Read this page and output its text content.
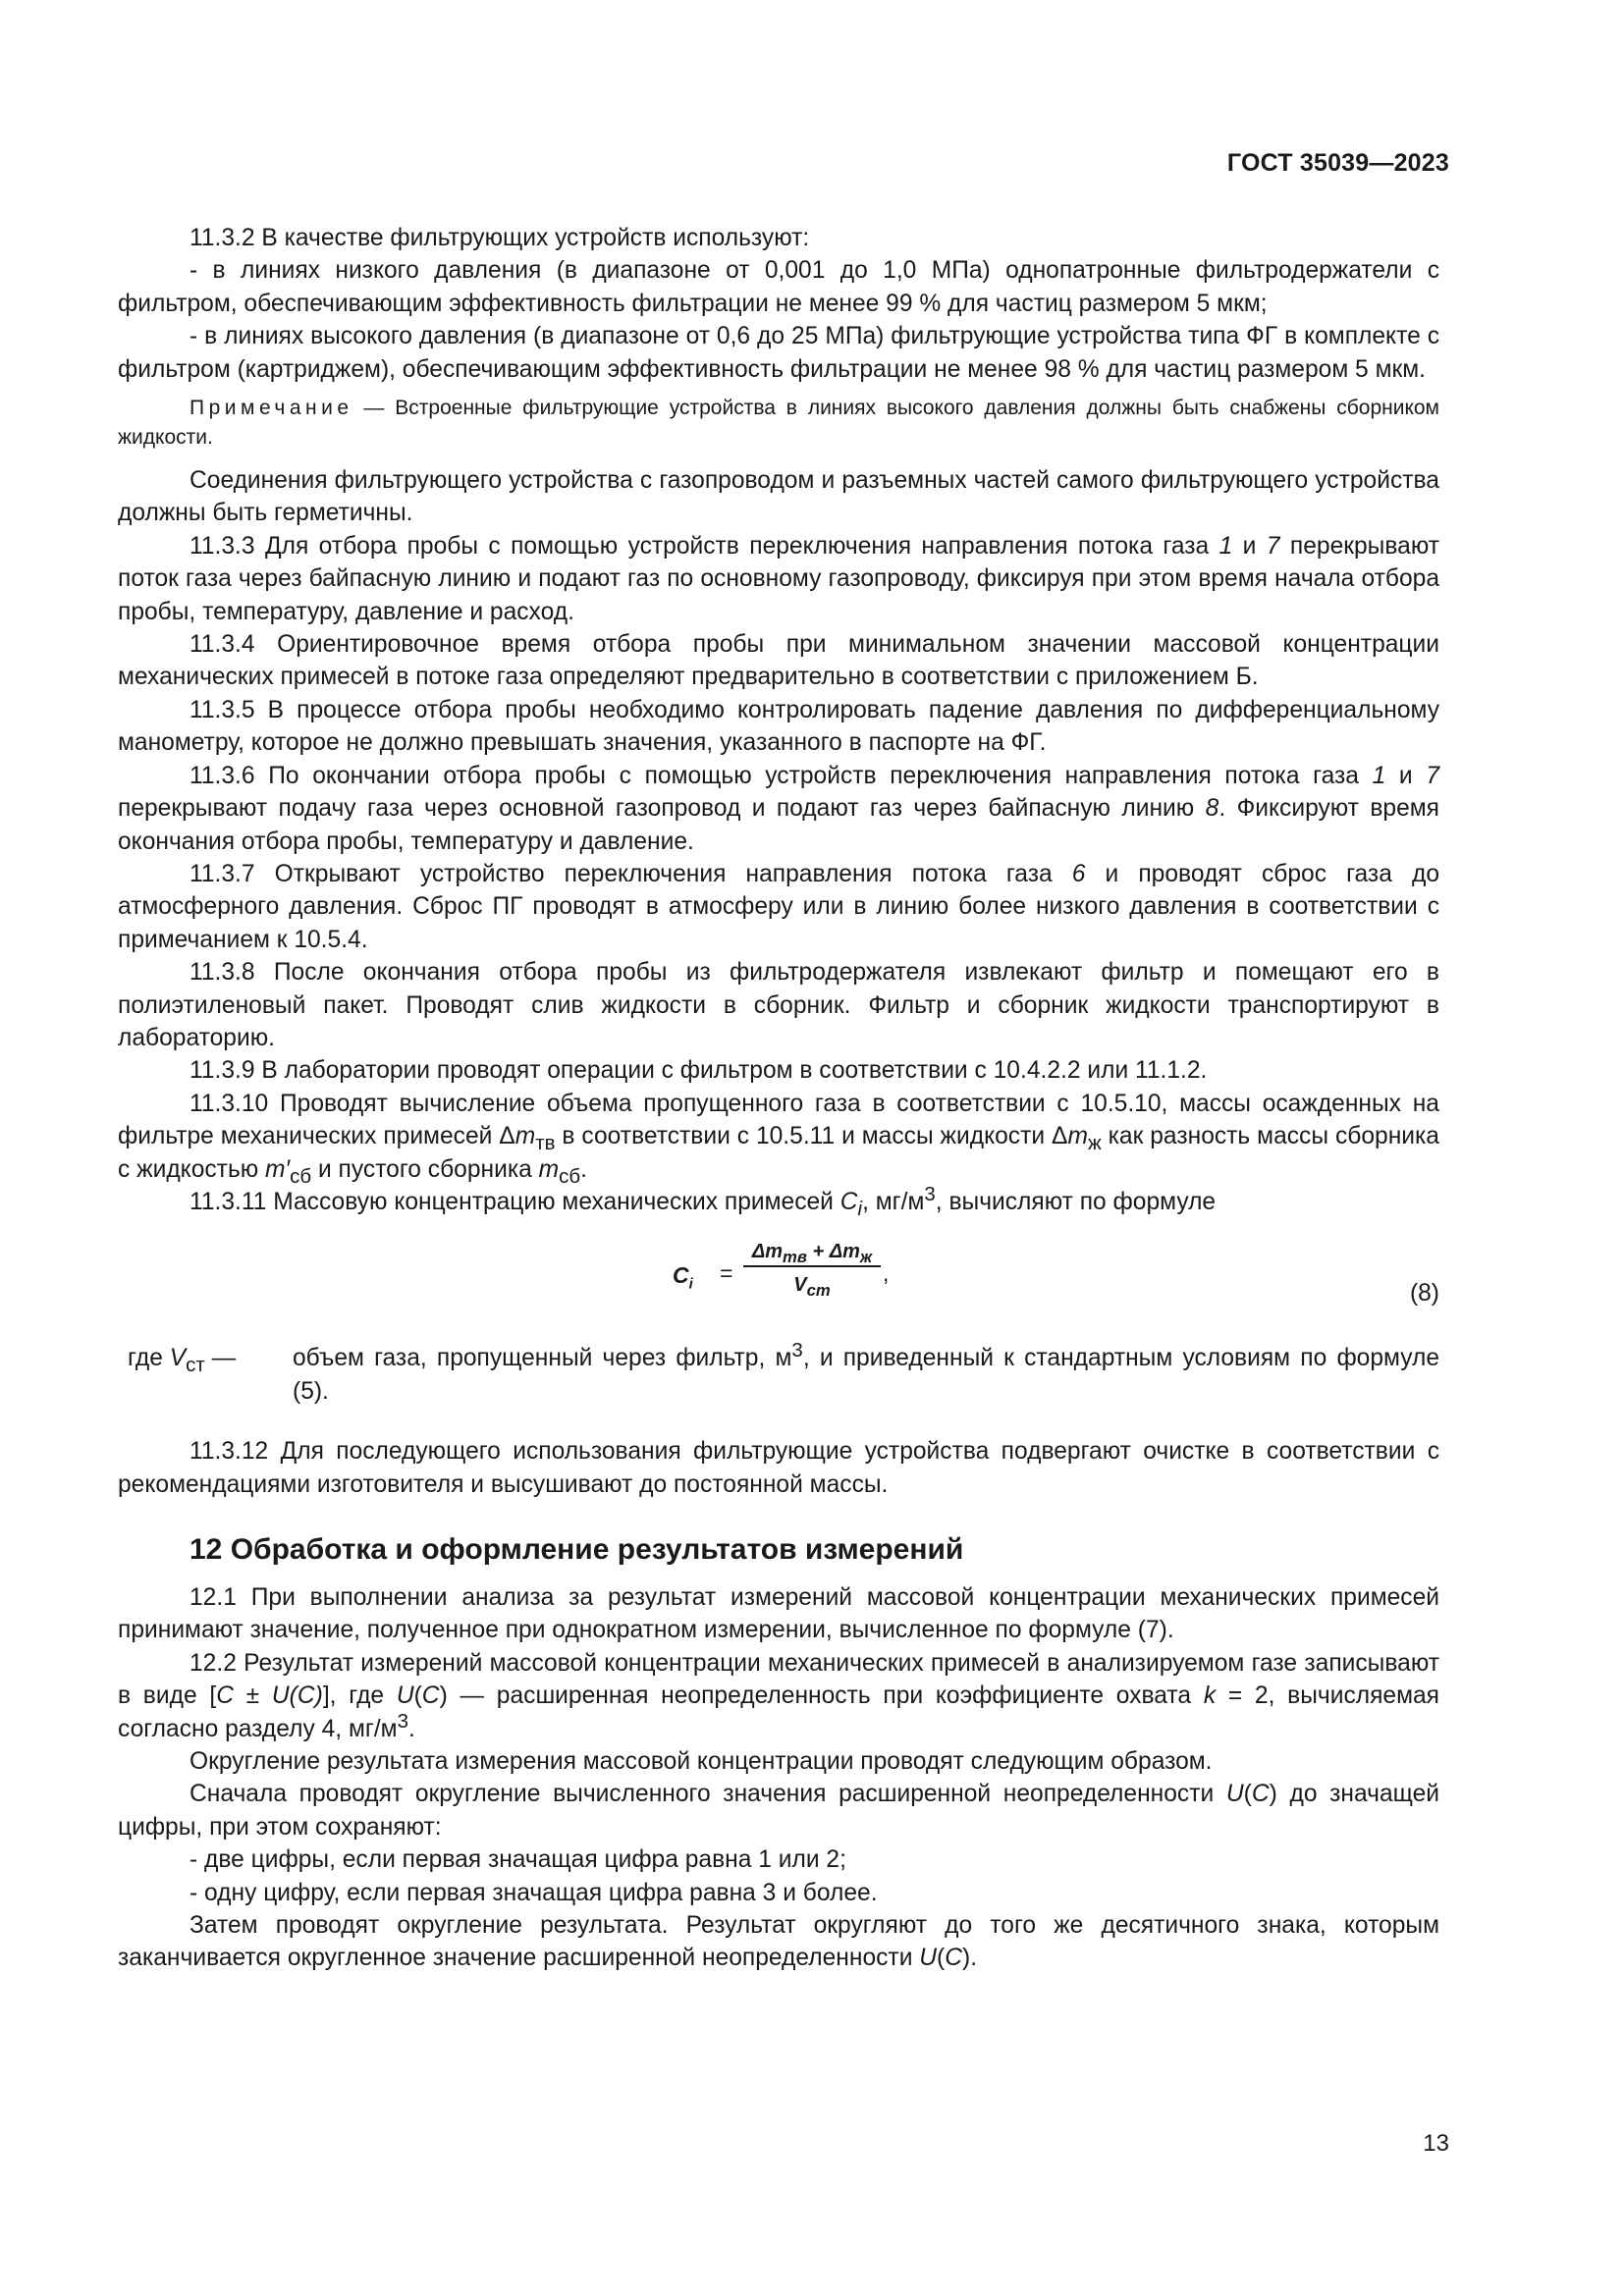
ГОСТ 35039—2023

11.3.2 В качестве фильтрующих устройств используют:

- в линиях низкого давления (в диапазоне от 0,001 до 1,0 МПа) однопатронные фильтродержатели с фильтром, обеспечивающим эффективность фильтрации не менее 99 % для частиц размером 5 мкм;

- в линиях высокого давления (в диапазоне от 0,6 до 25 МПа) фильтрующие устройства типа ФГ в комплекте с фильтром (картриджем), обеспечивающим эффективность фильтрации не менее 98 % для частиц размером 5 мкм.

Примечание — Встроенные фильтрующие устройства в линиях высокого давления должны быть снабжены сборником жидкости.

Соединения фильтрующего устройства с газопроводом и разъемных частей самого фильтрующего устройства должны быть герметичны.

11.3.3 Для отбора пробы с помощью устройств переключения направления потока газа 1 и 7 перекрывают поток газа через байпасную линию и подают газ по основному газопроводу, фиксируя при этом время начала отбора пробы, температуру, давление и расход.

11.3.4 Ориентировочное время отбора пробы при минимальном значении массовой концентрации механических примесей в потоке газа определяют предварительно в соответствии с приложением Б.

11.3.5 В процессе отбора пробы необходимо контролировать падение давления по дифференциальному манометру, которое не должно превышать значения, указанного в паспорте на ФГ.

11.3.6 По окончании отбора пробы с помощью устройств переключения направления потока газа 1 и 7 перекрывают подачу газа через основной газопровод и подают газ через байпасную линию 8. Фиксируют время окончания отбора пробы, температуру и давление.

11.3.7 Открывают устройство переключения направления потока газа 6 и проводят сброс газа до атмосферного давления. Сброс ПГ проводят в атмосферу или в линию более низкого давления в соответствии с примечанием к 10.5.4.

11.3.8 После окончания отбора пробы из фильтродержателя извлекают фильтр и помещают его в полиэтиленовый пакет. Проводят слив жидкости в сборник. Фильтр и сборник жидкости транспортируют в лабораторию.

11.3.9 В лаборатории проводят операции с фильтром в соответствии с 10.4.2.2 или 11.1.2.

11.3.10 Проводят вычисление объема пропущенного газа в соответствии с 10.5.10, массы осажденных на фильтре механических примесей $\Delta m_{тв}$ в соответствии с 10.5.11 и массы жидкости $\Delta m_ж$ как разность массы сборника с жидкостью $m'_{сб}$ и пустого сборника $m_{сб}$.

11.3.11 Массовую концентрацию механических примесей $C_i$, $мг/м^3$, вычисляют по формуле

$C_i$ =
$\Delta m_{тв} + \Delta m_ж$
$V_{ст}$
,
(8)
где $V_{ст}$ —	объем газа, пропущенный через фильтр, $м^3$, и приведенный к стандартным условиям по формуле (5).

11.3.12 Для последующего использования фильтрующие устройства подвергают очистке в соответствии с рекомендациями изготовителя и высушивают до постоянной массы.

12 Обработка и оформление результатов измерений

12.1 При выполнении анализа за результат измерений массовой концентрации механических примесей принимают значение, полученное при однократном измерении, вычисленное по формуле (7).

12.2 Результат измерений массовой концентрации механических примесей в анализируемом газе записывают в виде [C ± U(C)], где U(C) — расширенная неопределенность при коэффициенте охвата k = 2, вычисляемая согласно разделу 4, $мг/м^3$.

Округление результата измерения массовой концентрации проводят следующим образом.

Сначала проводят округление вычисленного значения расширенной неопределенности U(C) до значащей цифры, при этом сохраняют:

- две цифры, если первая значащая цифра равна 1 или 2;

- одну цифру, если первая значащая цифра равна 3 и более.

Затем проводят округление результата. Результат округляют до того же десятичного знака, которым заканчивается округленное значение расширенной неопределенности U(C).

13
